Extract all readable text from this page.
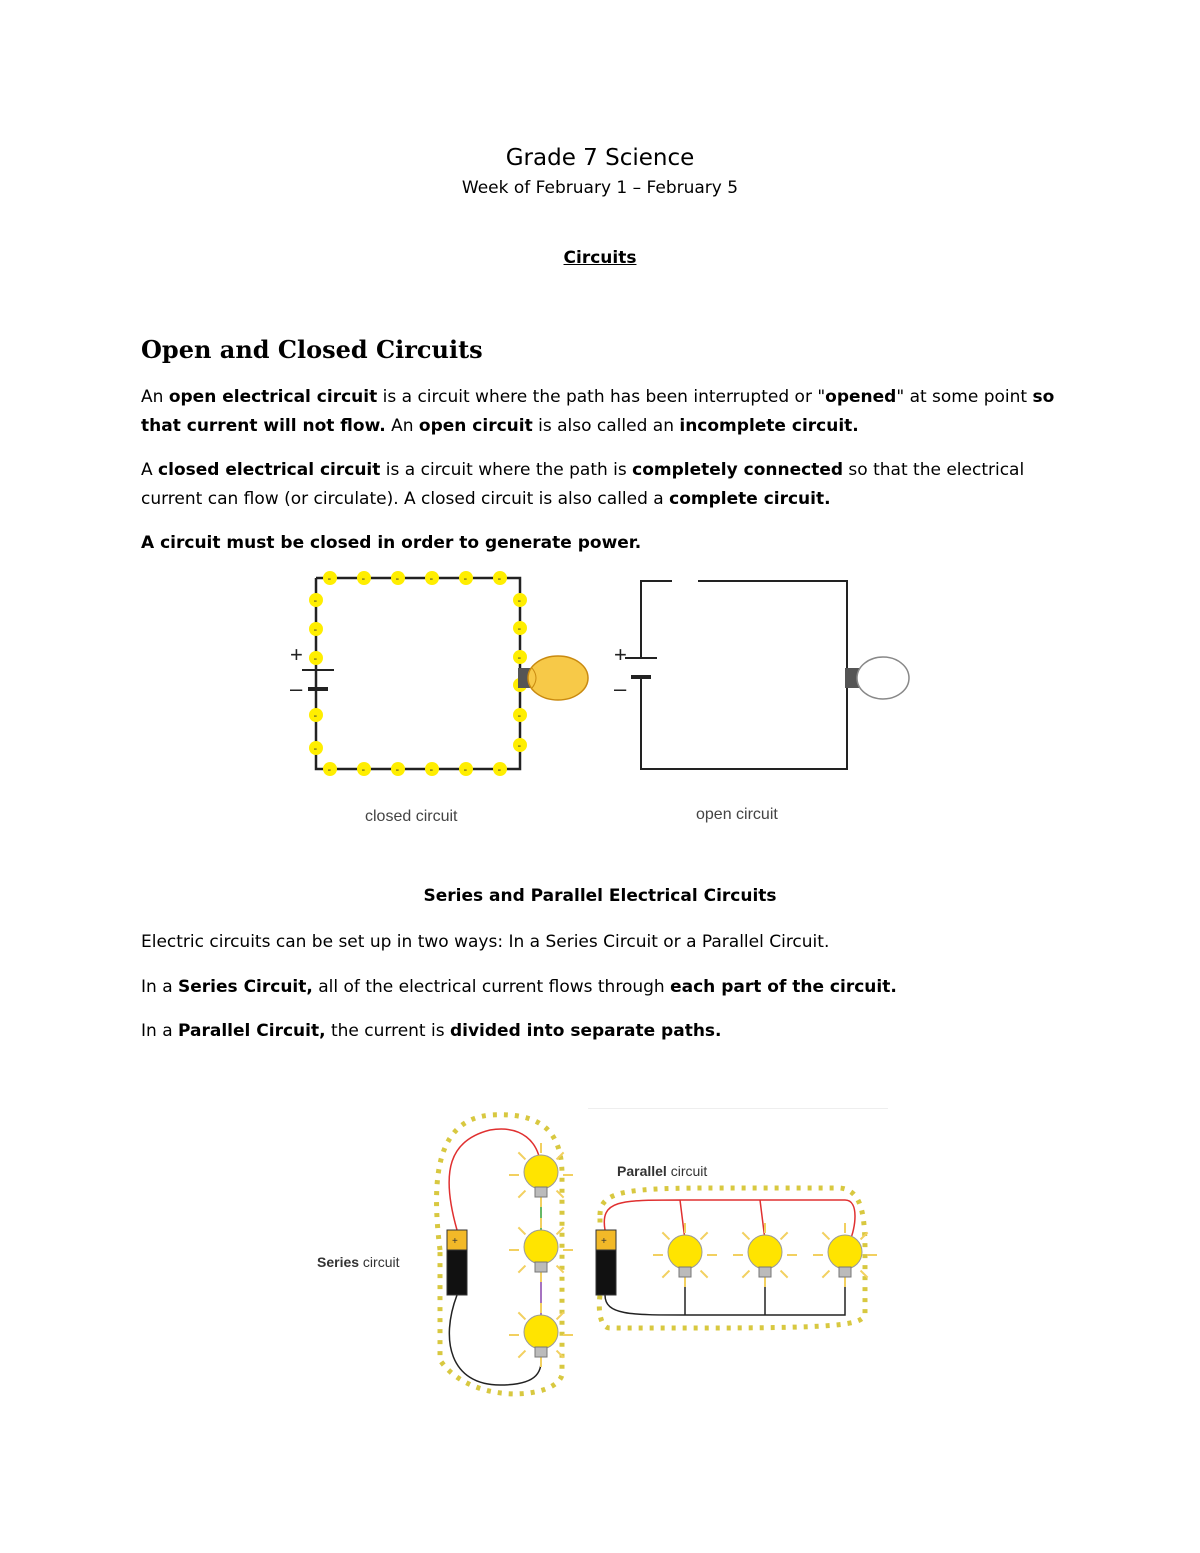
Grade 7 Science
Week of February 1 – February 5
Circuits
Open and Closed Circuits
An open electrical circuit is a circuit where the path has been interrupted or "opened" at some point so that current will not flow. An open circuit is also called an incomplete circuit.
A closed electrical circuit is a circuit where the path is completely connected so that the electrical current can flow (or circulate). A closed circuit is also called a complete circuit.
A circuit must be closed in order to generate power.
+
–
-	-	-	-	-	-
-	-	-	-	-	-
-
-
-
-
-
-
-
-
-
-
closed circuit
+
–
open circuit
Series and Parallel Electrical Circuits
Electric circuits can be set up in two ways: In a Series Circuit or a Parallel Circuit.
In a Series Circuit, all of the electrical current flows through each part of the circuit.
In a Parallel Circuit, the current is divided into separate paths.
Series circuit
Parallel circuit
+	+
